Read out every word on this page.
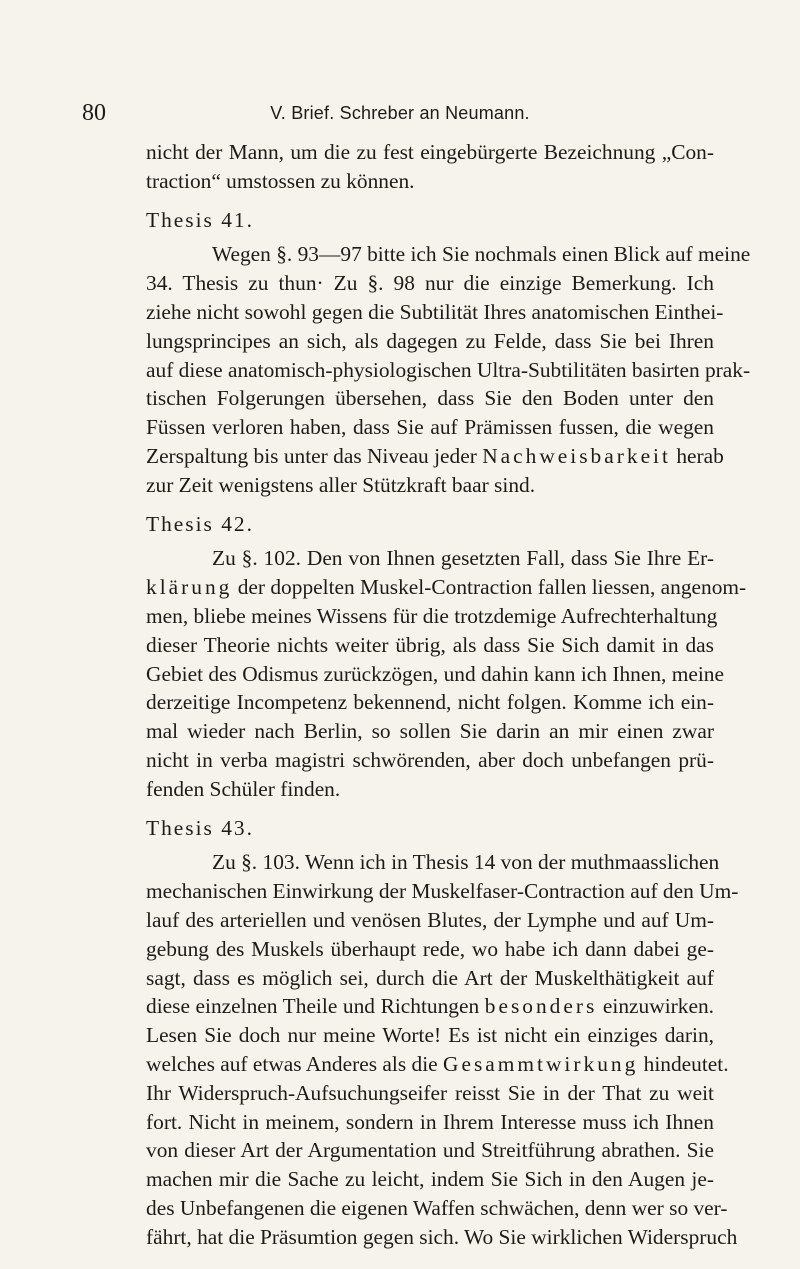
80	V. Brief. Schreber an Neumann.
nicht der Mann, um die zu fest eingebürgerte Bezeichnung „Con-
traction“ umstossen zu können.
Thesis 41.
Wegen §. 93—97 bitte ich Sie nochmals einen Blick auf meine
34. Thesis zu thun· Zu §. 98 nur die einzige Bemerkung. Ich
ziehe nicht sowohl gegen die Subtilität Ihres anatomischen Einthei-
lungsprincipes an sich, als dagegen zu Felde, dass Sie bei Ihren
auf diese anatomisch-physiologischen Ultra-Subtilitäten basirten prak-
tischen Folgerungen übersehen, dass Sie den Boden unter den
Füssen verloren haben, dass Sie auf Prämissen fussen, die wegen
Zerspaltung bis unter das Niveau jeder Nachweisbarkeit herab
zur Zeit wenigstens aller Stützkraft baar sind.
Thesis 42.
Zu §. 102. Den von Ihnen gesetzten Fall, dass Sie Ihre Er-
klärung der doppelten Muskel-Contraction fallen liessen, angenom-
men, bliebe meines Wissens für die trotzdemige Aufrechterhaltung
dieser Theorie nichts weiter übrig, als dass Sie Sich damit in das
Gebiet des Odismus zurückzögen, und dahin kann ich Ihnen, meine
derzeitige Incompetenz bekennend, nicht folgen. Komme ich ein-
mal wieder nach Berlin, so sollen Sie darin an mir einen zwar
nicht in verba magistri schwörenden, aber doch unbefangen prü-
fenden Schüler finden.
Thesis 43.
Zu §. 103. Wenn ich in Thesis 14 von der muthmaasslichen
mechanischen Einwirkung der Muskelfaser-Contraction auf den Um-
lauf des arteriellen und venösen Blutes, der Lymphe und auf Um-
gebung des Muskels überhaupt rede, wo habe ich dann dabei ge-
sagt, dass es möglich sei, durch die Art der Muskelthätigkeit auf
diese einzelnen Theile und Richtungen besonders einzuwirken.
Lesen Sie doch nur meine Worte! Es ist nicht ein einziges darin,
welches auf etwas Anderes als die Gesammtwirkung hindeutet.
Ihr Widerspruch-Aufsuchungseifer reisst Sie in der That zu weit
fort. Nicht in meinem, sondern in Ihrem Interesse muss ich Ihnen
von dieser Art der Argumentation und Streitführung abrathen. Sie
machen mir die Sache zu leicht, indem Sie Sich in den Augen je-
des Unbefangenen die eigenen Waffen schwächen, denn wer so ver-
fährt, hat die Präsumtion gegen sich. Wo Sie wirklichen Widerspruch
